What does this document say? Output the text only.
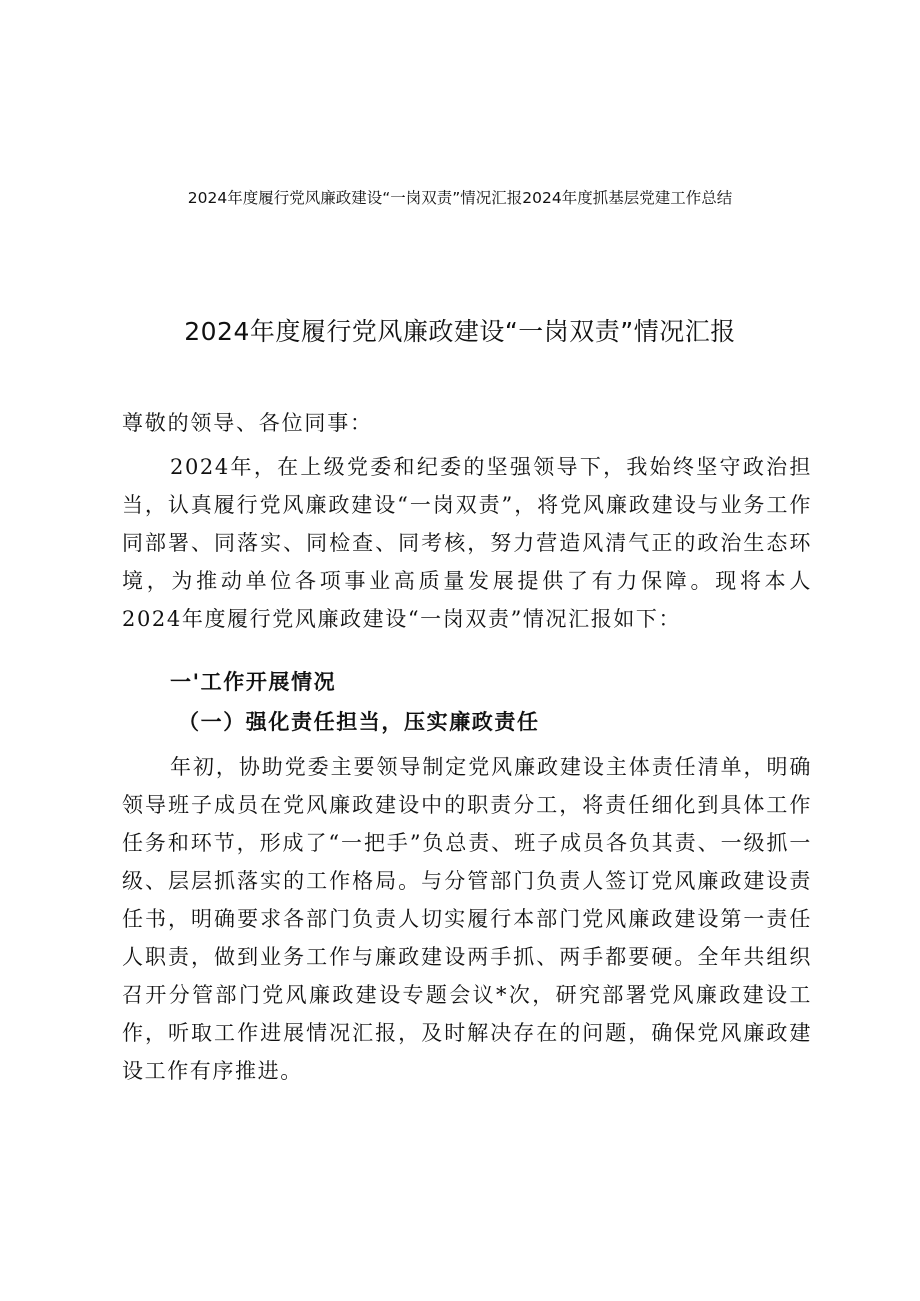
2024年度履行党风廉政建设“一岗双责”情况汇报2024年度抓基层党建工作总结
2024年度履行党风廉政建设“一岗双责”情况汇报
尊敬的领导、各位同事：
2024年，在上级党委和纪委的坚强领导下，我始终坚守政治担当，认真履行党风廉政建设“一岗双责”，将党风廉政建设与业务工作同部署、同落实、同检查、同考核，努力营造风清气正的政治生态环境，为推动单位各项事业高质量发展提供了有力保障。现将本人2024年度履行党风廉政建设“一岗双责”情况汇报如下：
一'工作开展情况
（一）强化责任担当，压实廉政责任
年初，协助党委主要领导制定党风廉政建设主体责任清单，明确领导班子成员在党风廉政建设中的职责分工，将责任细化到具体工作任务和环节，形成了“一把手”负总责、班子成员各负其责、一级抓一级、层层抓落实的工作格局。与分管部门负责人签订党风廉政建设责任书，明确要求各部门负责人切实履行本部门党风廉政建设第一责任人职责，做到业务工作与廉政建设两手抓、两手都要硬。全年共组织召开分管部门党风廉政建设专题会议*次，研究部署党风廉政建设工作，听取工作进展情况汇报，及时解决存在的问题，确保党风廉政建设工作有序推进。
